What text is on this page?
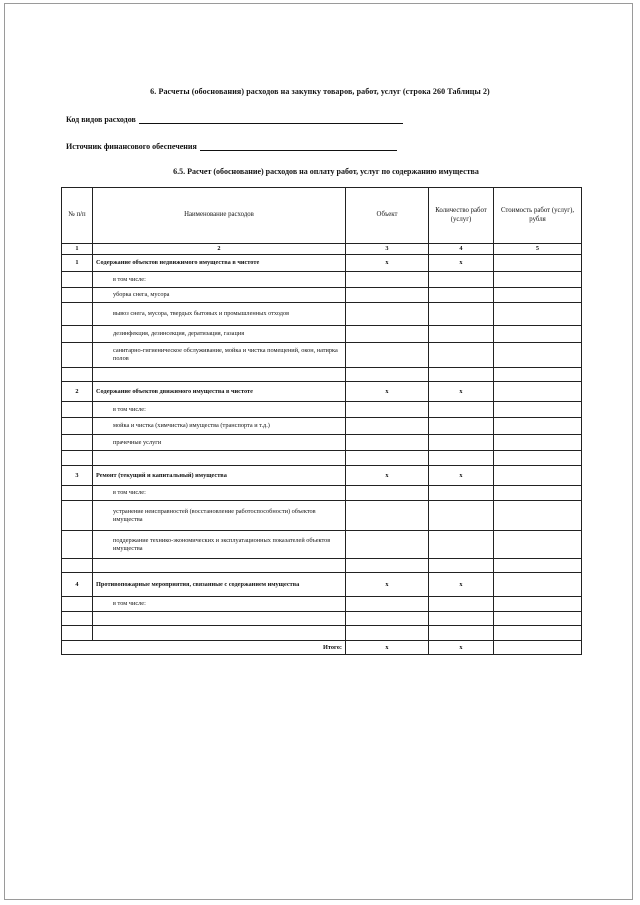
6. Расчеты (обоснования) расходов на закупку товаров, работ, услуг (строка 260 Таблицы 2)
Код видов расходов
Источник финансового обеспечения
6.5. Расчет (обоснование) расходов на оплату работ, услуг по содержанию имущества
№ п/п	Наименование расходов	Объект	Количество работ (услуг)	Стоимость работ (услуг), рубля
1	2	3	4	5
1	Содержание объектов недвижимого имущества в чистоте	x	x	
	в том числе:			
	уборка снега, мусора			
	вывоз снега, мусора, твердых бытовых и промышленных отходов			
	дезинфекция, дезинсекция, дератизация, газация			
	санитарно-гигиеническое обслуживание, мойка и чистка помещений, окон, натирка полов			

2	Содержание объектов движимого имущества в чистоте	x	x	
	в том числе:			
	мойка и чистка (химчистка) имущества (транспорта и т.д.)			
	прачечные услуги			

3	Ремонт (текущий и капитальный) имущества	x	x	
	в том числе:			
	устранение неисправностей (восстановление работоспособности) объектов имущества			
	поддержание технико-экономических и эксплуатационных показателей объектов имущества			

4	Противопожарные мероприятия, связанные с содержанием имущества	x	x	
	в том числе:			

Итого:		x	x	
